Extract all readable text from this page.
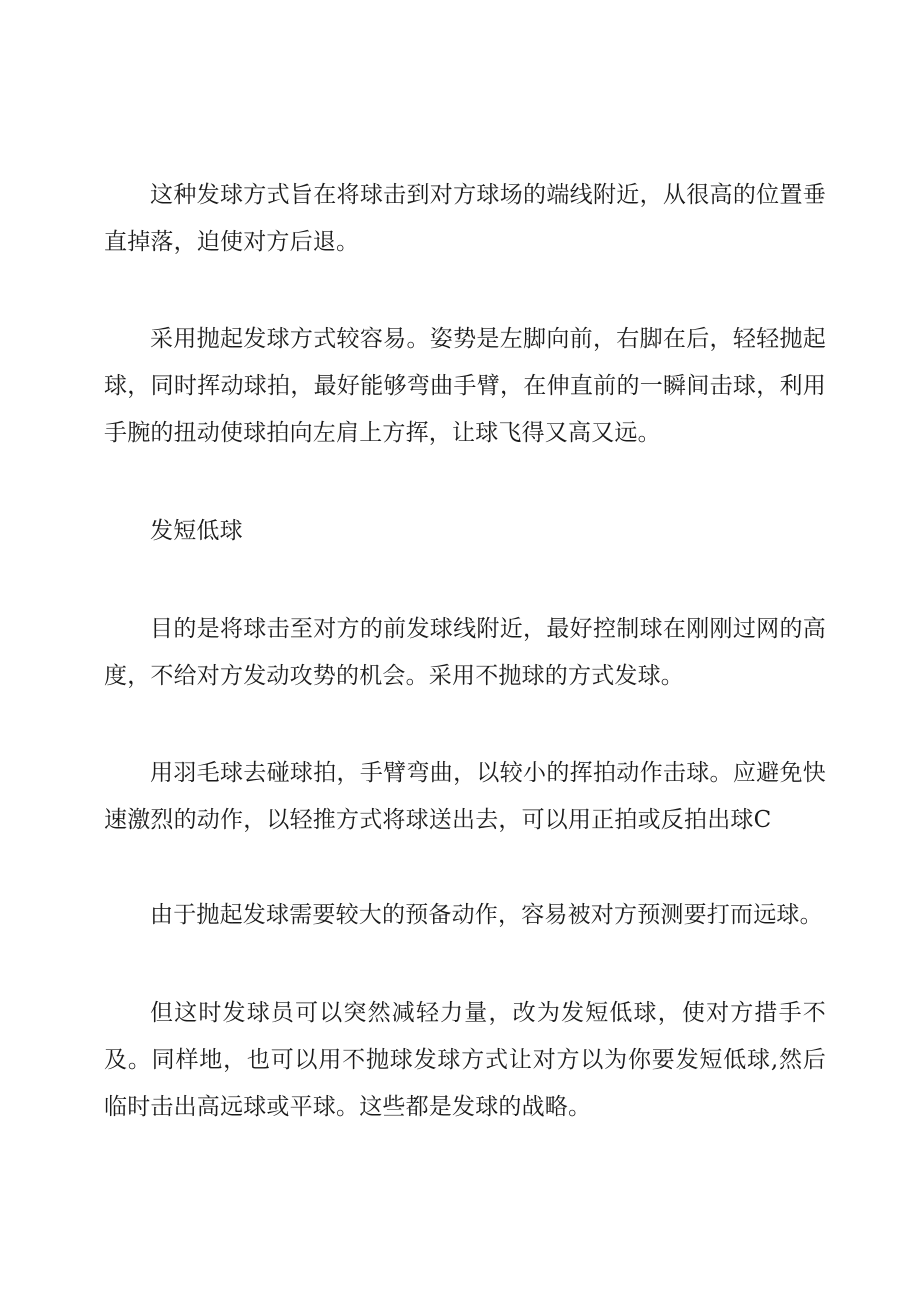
这种发球方式旨在将球击到对方球场的端线附近，从很高的位置垂直掉落，迫使对方后退。

采用抛起发球方式较容易。姿势是左脚向前，右脚在后，轻轻抛起球，同时挥动球拍，最好能够弯曲手臂，在伸直前的一瞬间击球，利用手腕的扭动使球拍向左肩上方挥，让球飞得又高又远。

发短低球

目的是将球击至对方的前发球线附近，最好控制球在刚刚过网的高度，不给对方发动攻势的机会。采用不抛球的方式发球。

用羽毛球去碰球拍，手臂弯曲，以较小的挥拍动作击球。应避免快速激烈的动作，以轻推方式将球送出去，可以用正拍或反拍出球C

由于抛起发球需要较大的预备动作，容易被对方预测要打而远球。

但这时发球员可以突然减轻力量，改为发短低球，使对方措手不及。同样地，也可以用不抛球发球方式让对方以为你要发短低球,然后临时击出高远球或平球。这些都是发球的战略。
